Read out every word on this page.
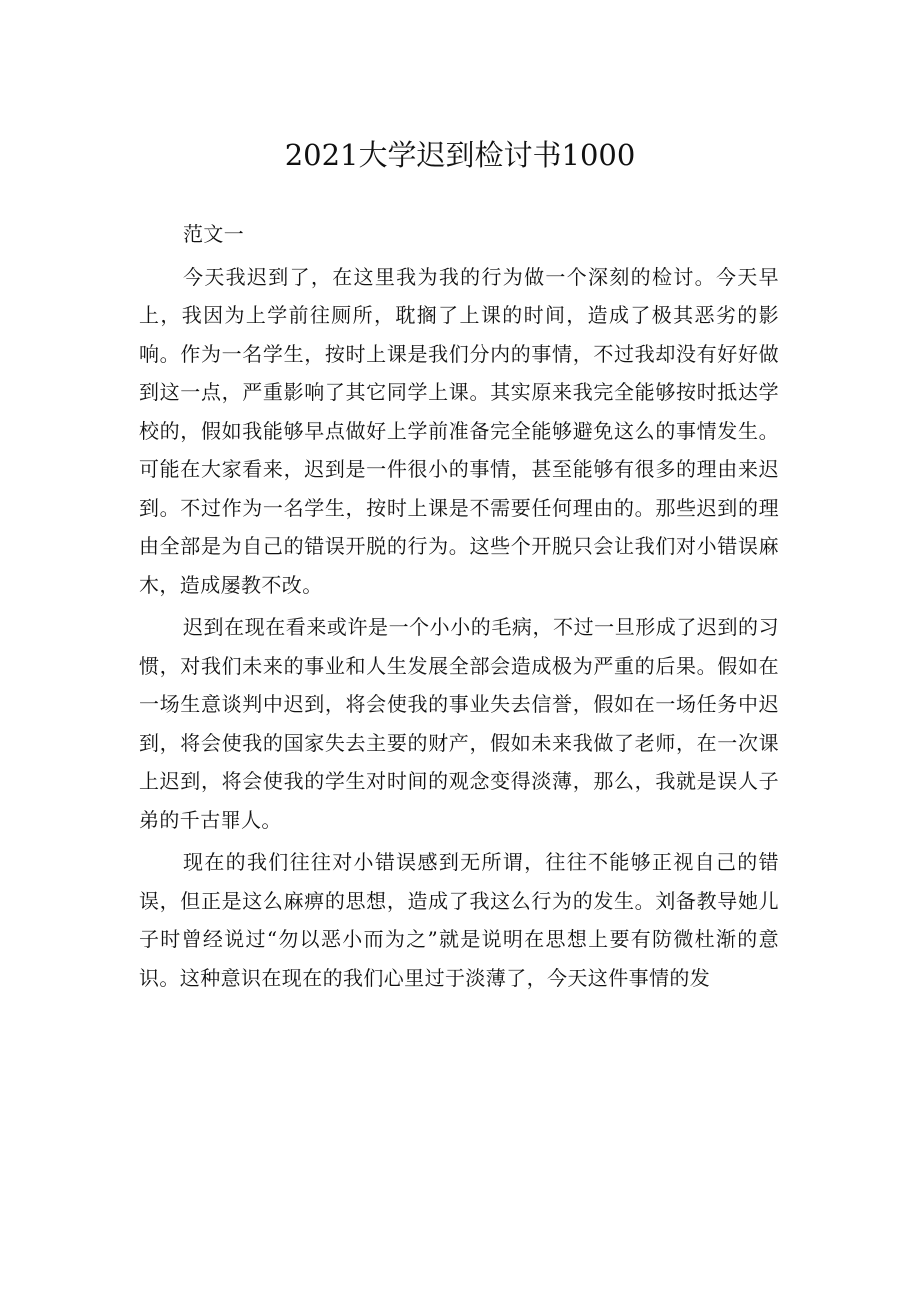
2021大学迟到检讨书1000

范文一

今天我迟到了，在这里我为我的行为做一个深刻的检讨。今天早上，我因为上学前往厕所，耽搁了上课的时间，造成了极其恶劣的影响。作为一名学生，按时上课是我们分内的事情，不过我却没有好好做到这一点，严重影响了其它同学上课。其实原来我完全能够按时抵达学校的，假如我能够早点做好上学前准备完全能够避免这么的事情发生。可能在大家看来，迟到是一件很小的事情，甚至能够有很多的理由来迟到。不过作为一名学生，按时上课是不需要任何理由的。那些迟到的理由全部是为自己的错误开脱的行为。这些个开脱只会让我们对小错误麻木，造成屡教不改。

迟到在现在看来或许是一个小小的毛病，不过一旦形成了迟到的习惯，对我们未来的事业和人生发展全部会造成极为严重的后果。假如在一场生意谈判中迟到，将会使我的事业失去信誉，假如在一场任务中迟到，将会使我的国家失去主要的财产，假如未来我做了老师，在一次课上迟到，将会使我的学生对时间的观念变得淡薄，那么，我就是误人子弟的千古罪人。

现在的我们往往对小错误感到无所谓，往往不能够正视自己的错误，但正是这么麻痹的思想，造成了我这么行为的发生。刘备教导她儿子时曾经说过“勿以恶小而为之”就是说明在思想上要有防微杜渐的意识。这种意识在现在的我们心里过于淡薄了，今天这件事情的发
